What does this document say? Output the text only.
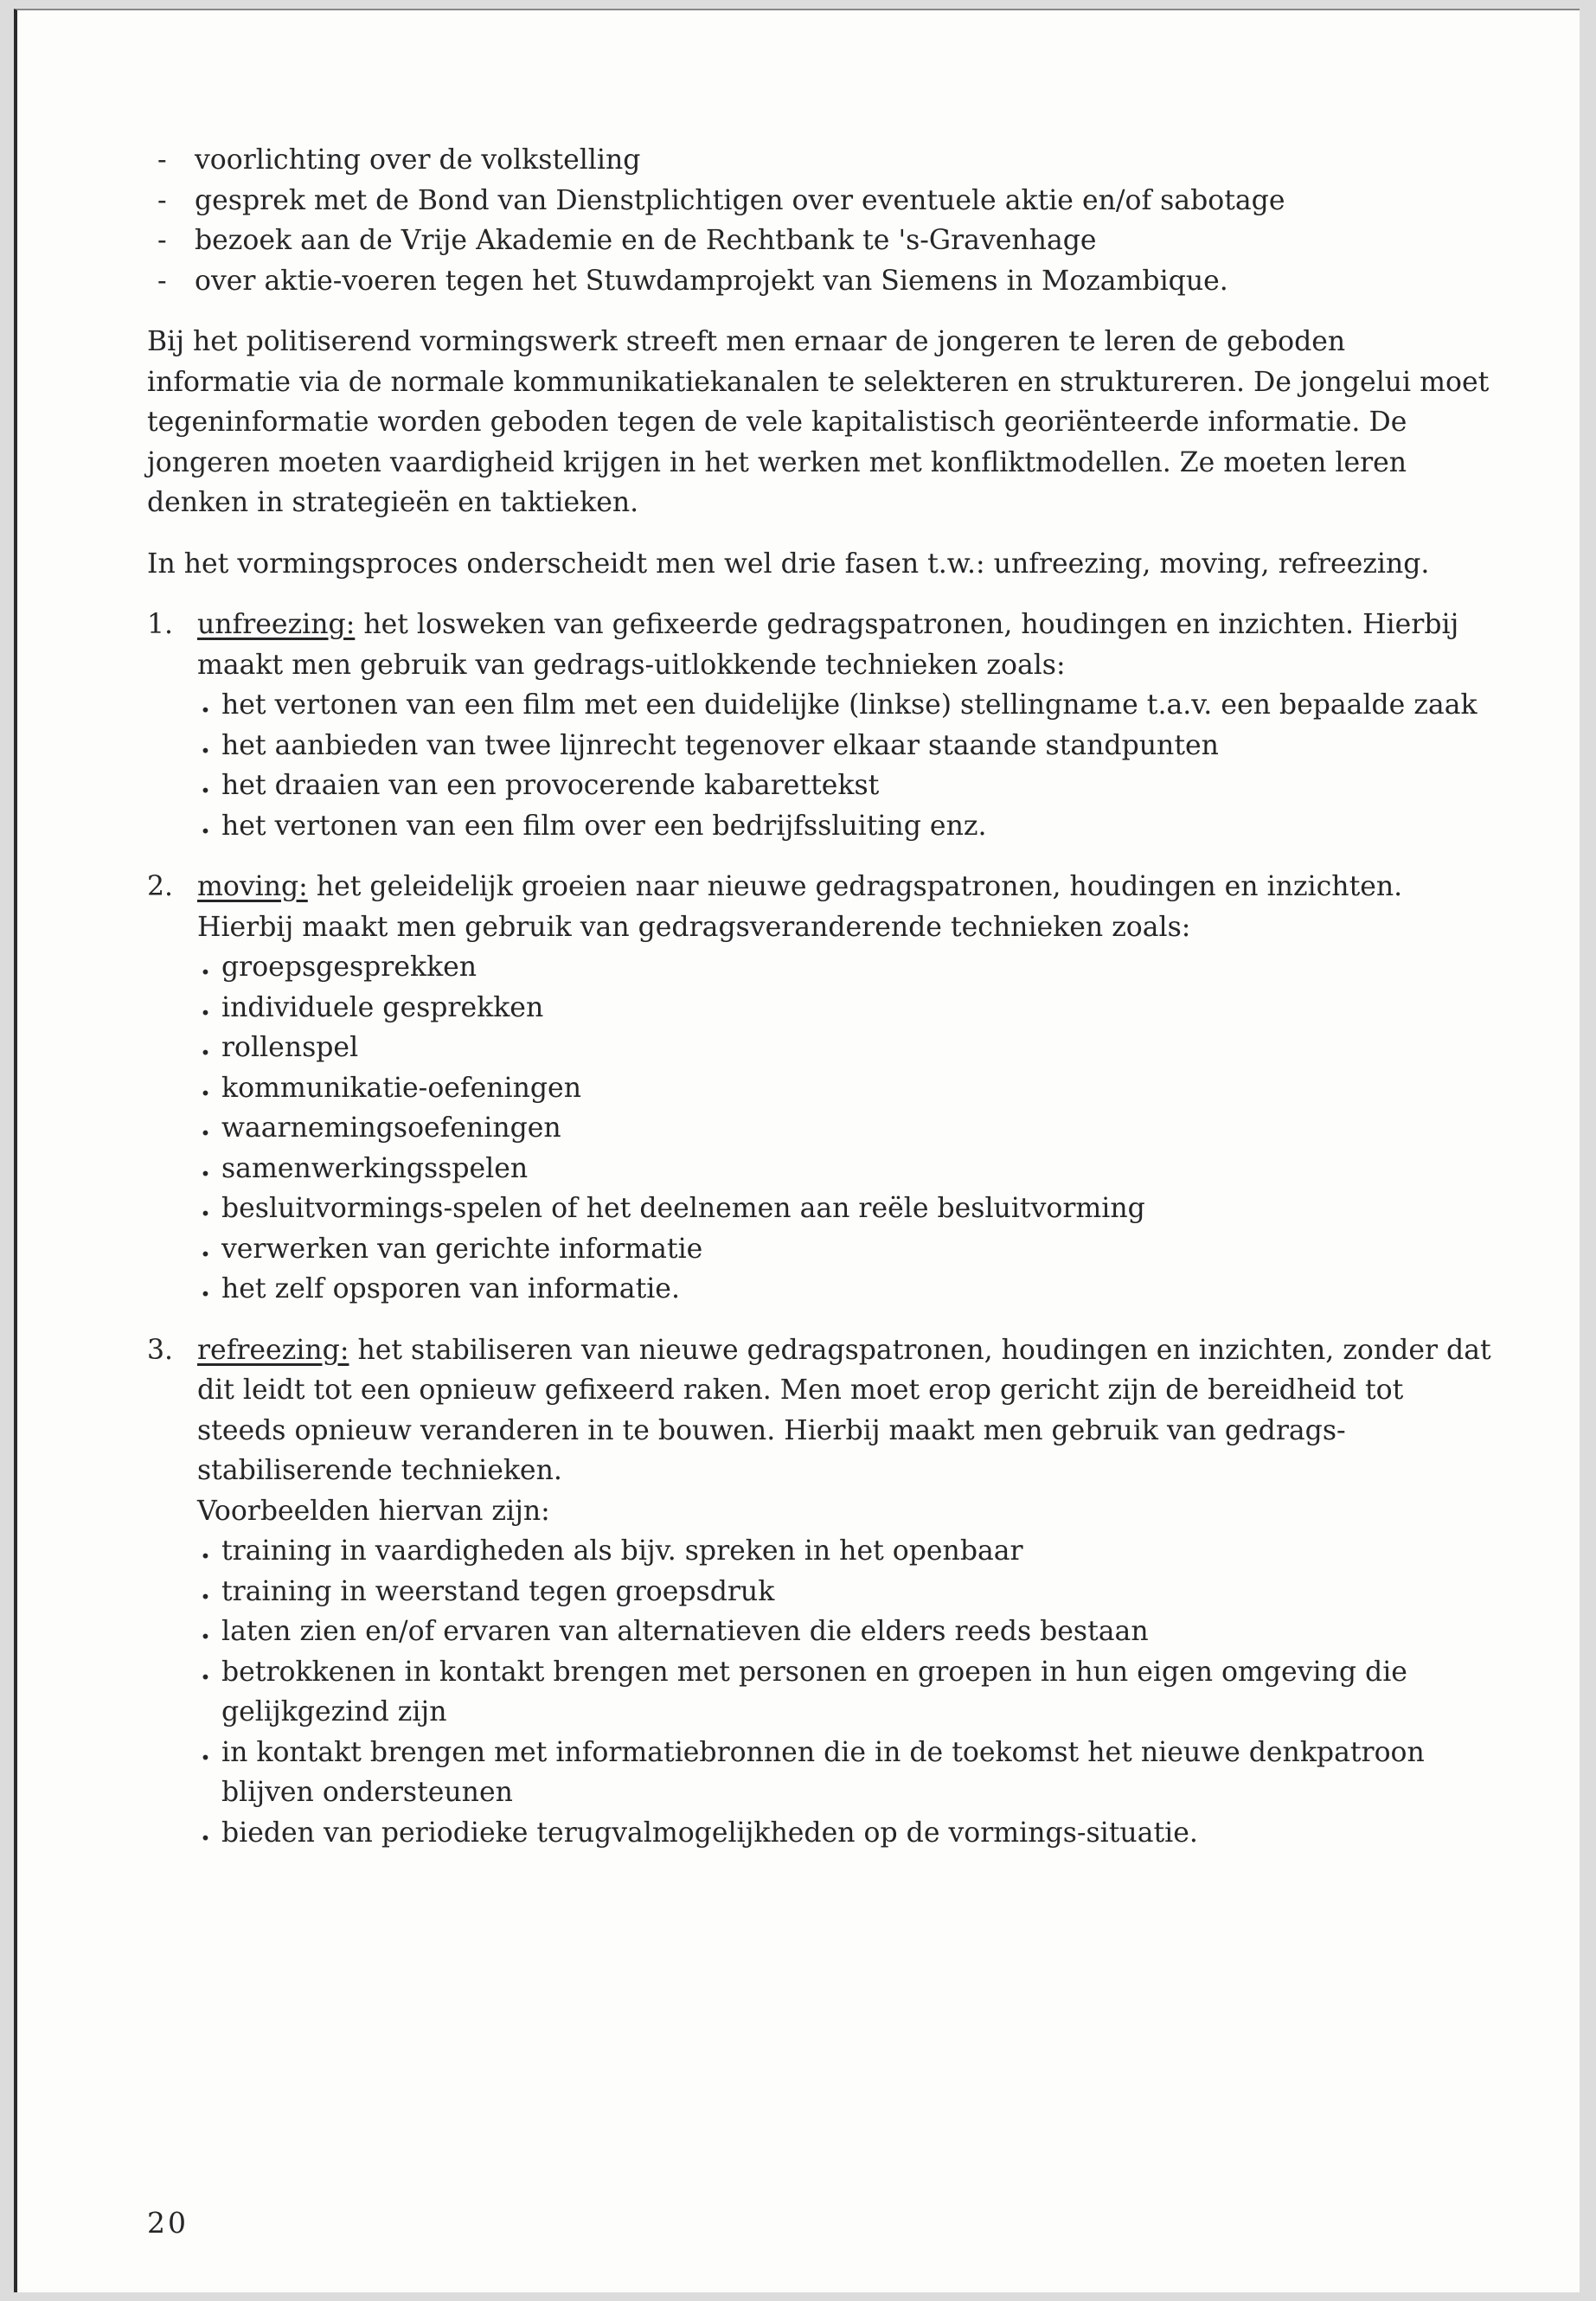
- voorlichting over de volkstelling
- gesprek met de Bond van Dienstplichtigen over eventuele aktie en/of sabotage
- bezoek aan de Vrije Akademie en de Rechtbank te 's-Gravenhage
- over aktie-voeren tegen het Stuwdamprojekt van Siemens in Mozambique.

Bij het politiserend vormingswerk streeft men ernaar de jongeren te leren de geboden informatie via de normale kommunikatiekanalen te selekteren en struktureren. De jongelui moet tegeninformatie worden geboden tegen de vele kapitalistisch georiënteerde informatie. De jongeren moeten vaardigheid krijgen in het werken met konfliktmodellen. Ze moeten leren denken in strategieën en taktieken.

In het vormingsproces onderscheidt men wel drie fasen t.w.: unfreezing, moving, refreezing.

1. unfreezing: het losweken van gefixeerde gedragspatronen, houdingen en inzichten. Hierbij maakt men gebruik van gedrags-uitlokkende technieken zoals:
. het vertonen van een film met een duidelijke (linkse) stellingname t.a.v. een bepaalde zaak
. het aanbieden van twee lijnrecht tegenover elkaar staande standpunten
. het draaien van een provocerende kabarettekst
. het vertonen van een film over een bedrijfssluiting enz.
2. moving: het geleidelijk groeien naar nieuwe gedragspatronen, houdingen en inzichten. Hierbij maakt men gebruik van gedragsveranderende technieken zoals:
. groepsgesprekken
. individuele gesprekken
. rollenspel
. kommunikatie-oefeningen
. waarnemingsoefeningen
. samenwerkingsspelen
. besluitvormings-spelen of het deelnemen aan reële besluitvorming
. verwerken van gerichte informatie
. het zelf opsporen van informatie.
3. refreezing: het stabiliseren van nieuwe gedragspatronen, houdingen en inzichten, zonder dat dit leidt tot een opnieuw gefixeerd raken. Men moet erop gericht zijn de bereidheid tot steeds opnieuw veranderen in te bouwen. Hierbij maakt men gebruik van gedrags-stabiliserende technieken.
Voorbeelden hiervan zijn:
. training in vaardigheden als bijv. spreken in het openbaar
. training in weerstand tegen groepsdruk
. laten zien en/of ervaren van alternatieven die elders reeds bestaan
. betrokkenen in kontakt brengen met personen en groepen in hun eigen omgeving die gelijkgezind zijn
. in kontakt brengen met informatiebronnen die in de toekomst het nieuwe denkpatroon blijven ondersteunen
. bieden van periodieke terugvalmogelijkheden op de vormings-situatie.
20
